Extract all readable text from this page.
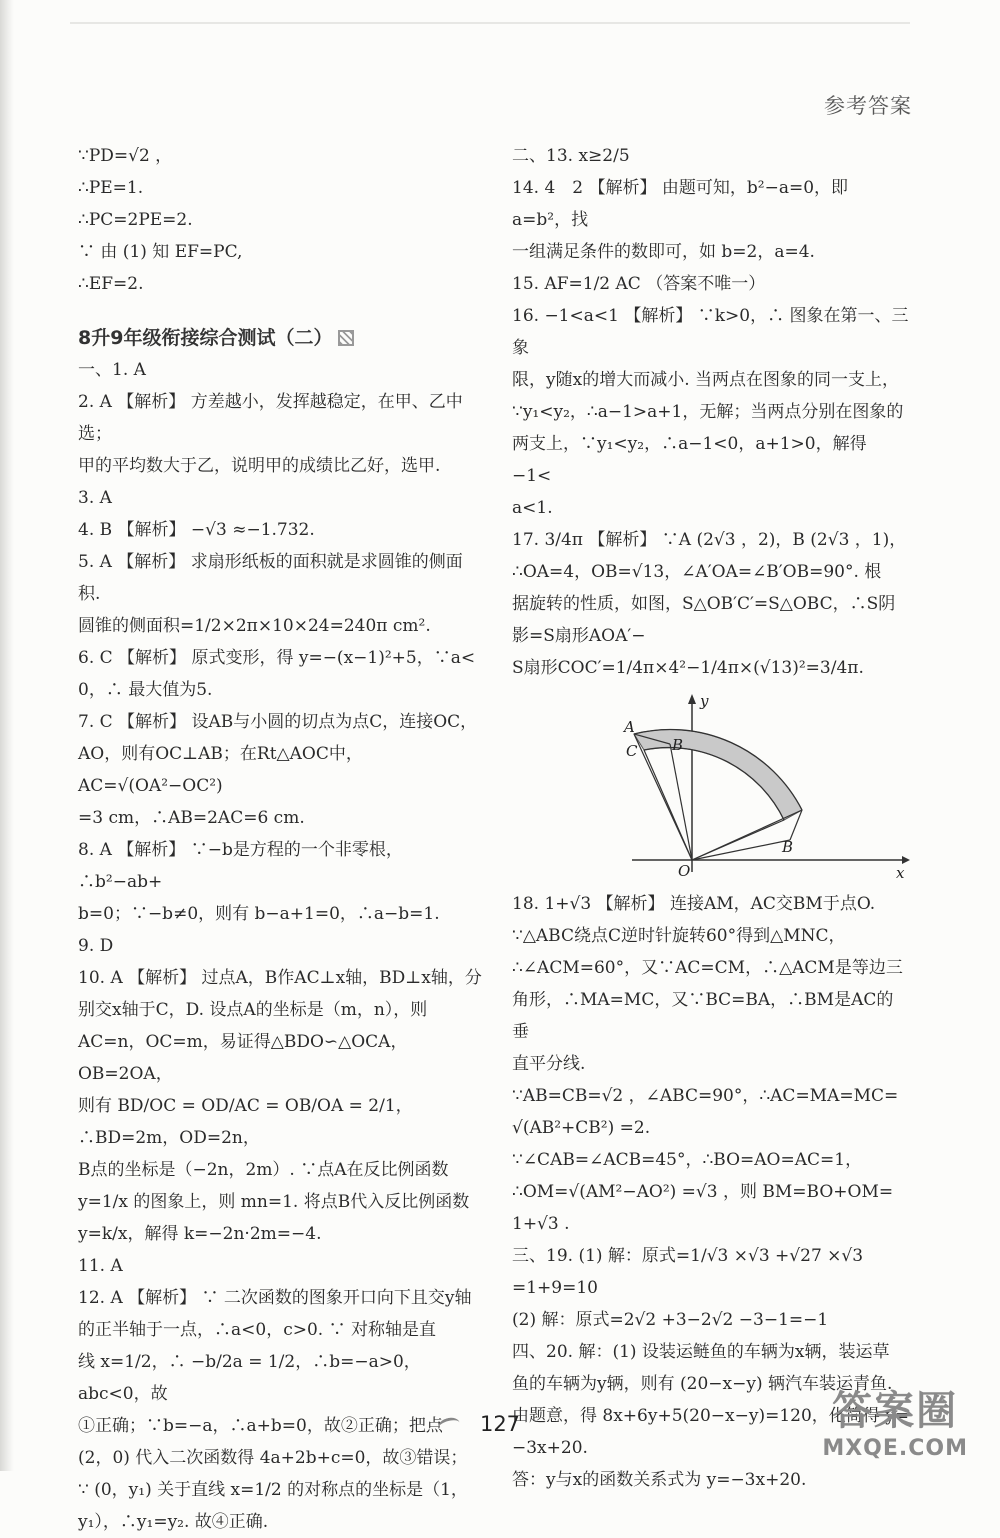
参考答案

∵PD=√2 ，

∴PE=1.

∴PC=2PE=2.

∵ 由 (1) 知 EF=PC,

∴EF=2.

8升9年级衔接综合测试（二）

一、1. A

2. A 【解析】 方差越小，发挥越稳定，在甲、乙中选；

甲的平均数大于乙，说明甲的成绩比乙好，选甲.

3. A

4. B 【解析】 −√3 ≈−1.732.

5. A 【解析】 求扇形纸板的面积就是求圆锥的侧面积.

圆锥的侧面积=1/2×2π×10×24=240π cm².

6. C 【解析】 原式变形，得 y=−(x−1)²+5，∵a<

0，∴ 最大值为5.

7. C 【解析】 设AB与小圆的切点为点C，连接OC，

AO，则有OC⊥AB；在Rt△AOC中，AC=√(OA²−OC²)

=3 cm，∴AB=2AC=6 cm.

8. A 【解析】 ∵−b是方程的一个非零根，∴b²−ab+

b=0；∵−b≠0，则有 b−a+1=0，∴a−b=1.

9. D

10. A 【解析】 过点A，B作AC⊥x轴，BD⊥x轴，分

别交x轴于C，D. 设点A的坐标是（m，n），则

AC=n，OC=m，易证得△BDO∽△OCA，OB=2OA，

则有 BD/OC = OD/AC = OB/OA = 2/1，∴BD=2m，OD=2n，

B点的坐标是（−2n，2m）. ∵点A在反比例函数

y=1/x 的图象上，则 mn=1. 将点B代入反比例函数

y=k/x，解得 k=−2n·2m=−4.

11. A

12. A 【解析】 ∵ 二次函数的图象开口向下且交y轴

的正半轴于一点，∴a<0，c>0. ∵ 对称轴是直

线 x=1/2，∴ −b/2a = 1/2，∴b=−a>0，abc<0，故

①正确；∵b=−a，∴a+b=0，故②正确；把点

(2，0) 代入二次函数得 4a+2b+c=0，故③错误；

∵ (0，y₁) 关于直线 x=1/2 的对称点的坐标是（1，

y₁），∴y₁=y₂. 故④正确.

二、13. x≥2/5

14. 4　2 【解析】 由题可知，b²−a=0，即 a=b²，找

一组满足条件的数即可，如 b=2，a=4.

15. AF=1/2 AC （答案不唯一）

16. −1<a<1 【解析】 ∵k>0，∴ 图象在第一、三象

限，y随x的增大而减小. 当两点在图象的同一支上，

∵y₁<y₂，∴a−1>a+1，无解；当两点分别在图象的

两支上，∵y₁<y₂，∴a−1<0，a+1>0，解得 −1<

a<1.

17. 3/4π 【解析】 ∵A (2√3 ，2)，B (2√3 ，1)，

∴OA=4，OB=√13，∠A′OA=∠B′OB=90°. 根

据旋转的性质，如图，S△OB′C′=S△OBC，∴S阴影=S扇形AOA′−

S扇形COC′=1/4π×4²−1/4π×(√13)²=3/4π.

A
C B
B
O
y
x

18. 1+√3 【解析】 连接AM，AC交BM于点O.

∵△ABC绕点C逆时针旋转60°得到△MNC，

∴∠ACM=60°，又∵AC=CM，∴△ACM是等边三

角形，∴MA=MC，又∵BC=BA，∴BM是AC的垂

直平分线.

∵AB=CB=√2 ，∠ABC=90°，∴AC=MA=MC=

√(AB²+CB²) =2.

∵∠CAB=∠ACB=45°，∴BO=AO=AC=1，

∴OM=√(AM²−AO²) =√3 ，则 BM=BO+OM=

1+√3 .

三、19. (1) 解：原式=1/√3 ×√3 +√27 ×√3

=1+9=10

(2) 解：原式=2√2 +3−2√2 −3−1=−1

四、20. 解：(1) 设装运鲢鱼的车辆为x辆，装运草

鱼的车辆为y辆，则有 (20−x−y) 辆汽车装运青鱼.

由题意，得 8x+6y+5(20−x−y)=120，化简得 y=

−3x+20.

答：y与x的函数关系式为 y=−3x+20.

127	答案圈
MXQE.COM
